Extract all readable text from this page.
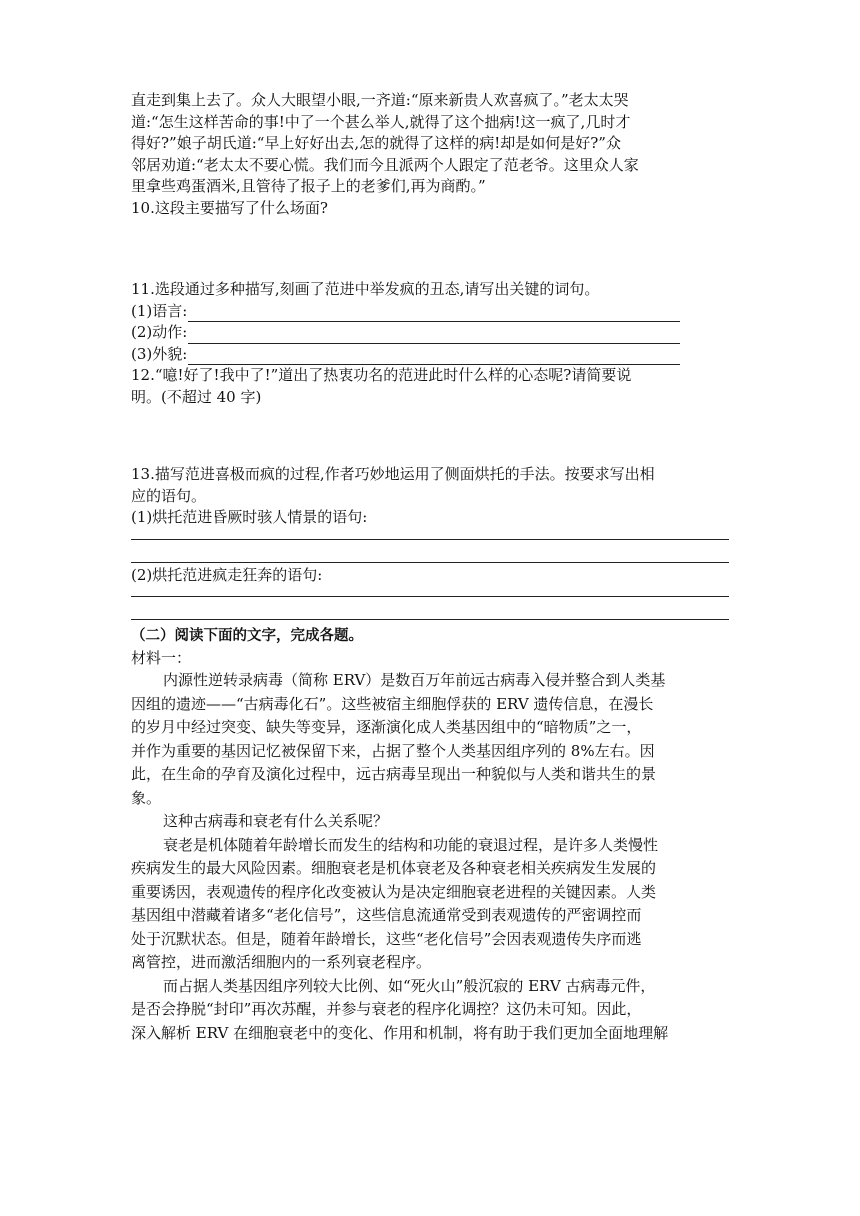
直走到集上去了。众人大眼望小眼,一齐道:“原来新贵人欢喜疯了。”老太太哭
道:“怎生这样苦命的事!中了一个甚么举人,就得了这个拙病!这一疯了,几时才
得好?”娘子胡氏道:“早上好好出去,怎的就得了这样的病!却是如何是好?”众
邻居劝道:“老太太不要心慌。我们而今且派两个人跟定了范老爷。这里众人家
里拿些鸡蛋酒米,且管待了报子上的老爹们,再为商酌。”
10.这段主要描写了什么场面?
11.选段通过多种描写,刻画了范进中举发疯的丑态,请写出关键的词句。
(1)语言:
(2)动作:
(3)外貌:
12.“噫!好了!我中了!”道出了热衷功名的范进此时什么样的心态呢?请简要说
明。(不超过 40 字)
13.描写范进喜极而疯的过程,作者巧妙地运用了侧面烘托的手法。按要求写出相
应的语句。
(1)烘托范进昏厥时骇人情景的语句:
(2)烘托范进疯走狂奔的语句:
（二）阅读下面的文字，完成各题。
材料一：
内源性逆转录病毒（简称 ERV）是数百万年前远古病毒入侵并整合到人类基
因组的遗迹——“古病毒化石”。这些被宿主细胞俘获的 ERV 遗传信息，在漫长
的岁月中经过突变、缺失等变异，逐渐演化成人类基因组中的“暗物质”之一，
并作为重要的基因记忆被保留下来，占据了整个人类基因组序列的 8%左右。因
此，在生命的孕育及演化过程中，远古病毒呈现出一种貌似与人类和谐共生的景
象。
这种古病毒和衰老有什么关系呢？
衰老是机体随着年龄增长而发生的结构和功能的衰退过程，是许多人类慢性
疾病发生的最大风险因素。细胞衰老是机体衰老及各种衰老相关疾病发生发展的
重要诱因，表观遗传的程序化改变被认为是决定细胞衰老进程的关键因素。人类
基因组中潜藏着诸多“老化信号”，这些信息流通常受到表观遗传的严密调控而
处于沉默状态。但是，随着年龄增长，这些“老化信号”会因表观遗传失序而逃
离管控，进而激活细胞内的一系列衰老程序。
而占据人类基因组序列较大比例、如“死火山”般沉寂的 ERV 古病毒元件，
是否会挣脱“封印”再次苏醒，并参与衰老的程序化调控？这仍未可知。因此，
深入解析 ERV 在细胞衰老中的变化、作用和机制，将有助于我们更加全面地理解
